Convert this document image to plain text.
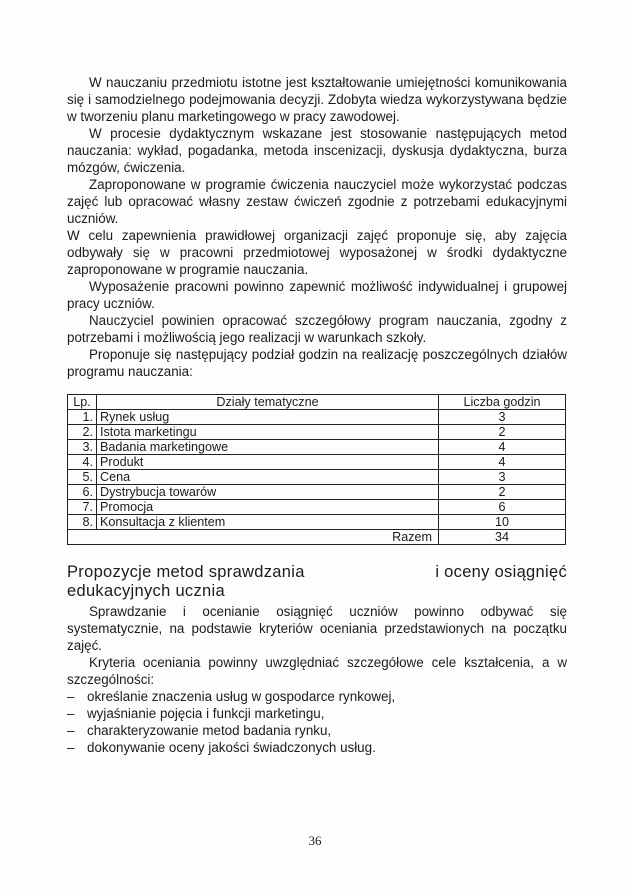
W nauczaniu przedmiotu istotne jest kształtowanie umiejętności komunikowania się i samodzielnego podejmowania decyzji. Zdobyta wiedza wykorzystywana będzie w tworzeniu planu marketingowego w pracy zawodowej.

W procesie dydaktycznym wskazane jest stosowanie następujących metod nauczania: wykład, pogadanka, metoda inscenizacji, dyskusja dydaktyczna, burza mózgów, ćwiczenia.

Zaproponowane w programie ćwiczenia nauczyciel może wykorzystać podczas zajęć lub opracować własny zestaw ćwiczeń zgodnie z potrzebami edukacyjnymi uczniów.

W celu zapewnienia prawidłowej organizacji zajęć proponuje się, aby zajęcia odbywały się w pracowni przedmiotowej wyposażonej w środki dydaktyczne zaproponowane w programie nauczania.

Wyposażenie pracowni powinno zapewnić możliwość indywidualnej i grupowej pracy uczniów.

Nauczyciel powinien opracować szczegółowy program nauczania, zgodny z potrzebami i możliwością jego realizacji w warunkach szkoły.

Proponuje się następujący podział godzin na realizację poszczególnych działów programu nauczania:

Lp.	Działy tematyczne	Liczba godzin
1.	Rynek usług	3
2.	Istota marketingu	2
3.	Badania marketingowe	4
4.	Produkt	4
5.	Cena	3
6.	Dystrybucja towarów	2
7.	Promocja	6
8.	Konsultacja z klientem	10
Razem		34
Propozycje metod sprawdzania	i oceny osiągnięć
edukacyjnych ucznia

Sprawdzanie i ocenianie osiągnięć uczniów powinno odbywać się systematycznie, na podstawie kryteriów oceniania przedstawionych na początku zajęć.

Kryteria oceniania powinny uwzględniać szczegółowe cele kształcenia, a w szczególności:

– określanie znaczenia usług w gospodarce rynkowej,
– wyjaśnianie pojęcia i funkcji marketingu,
– charakteryzowanie metod badania rynku,
– dokonywanie oceny jakości świadczonych usług.
36
